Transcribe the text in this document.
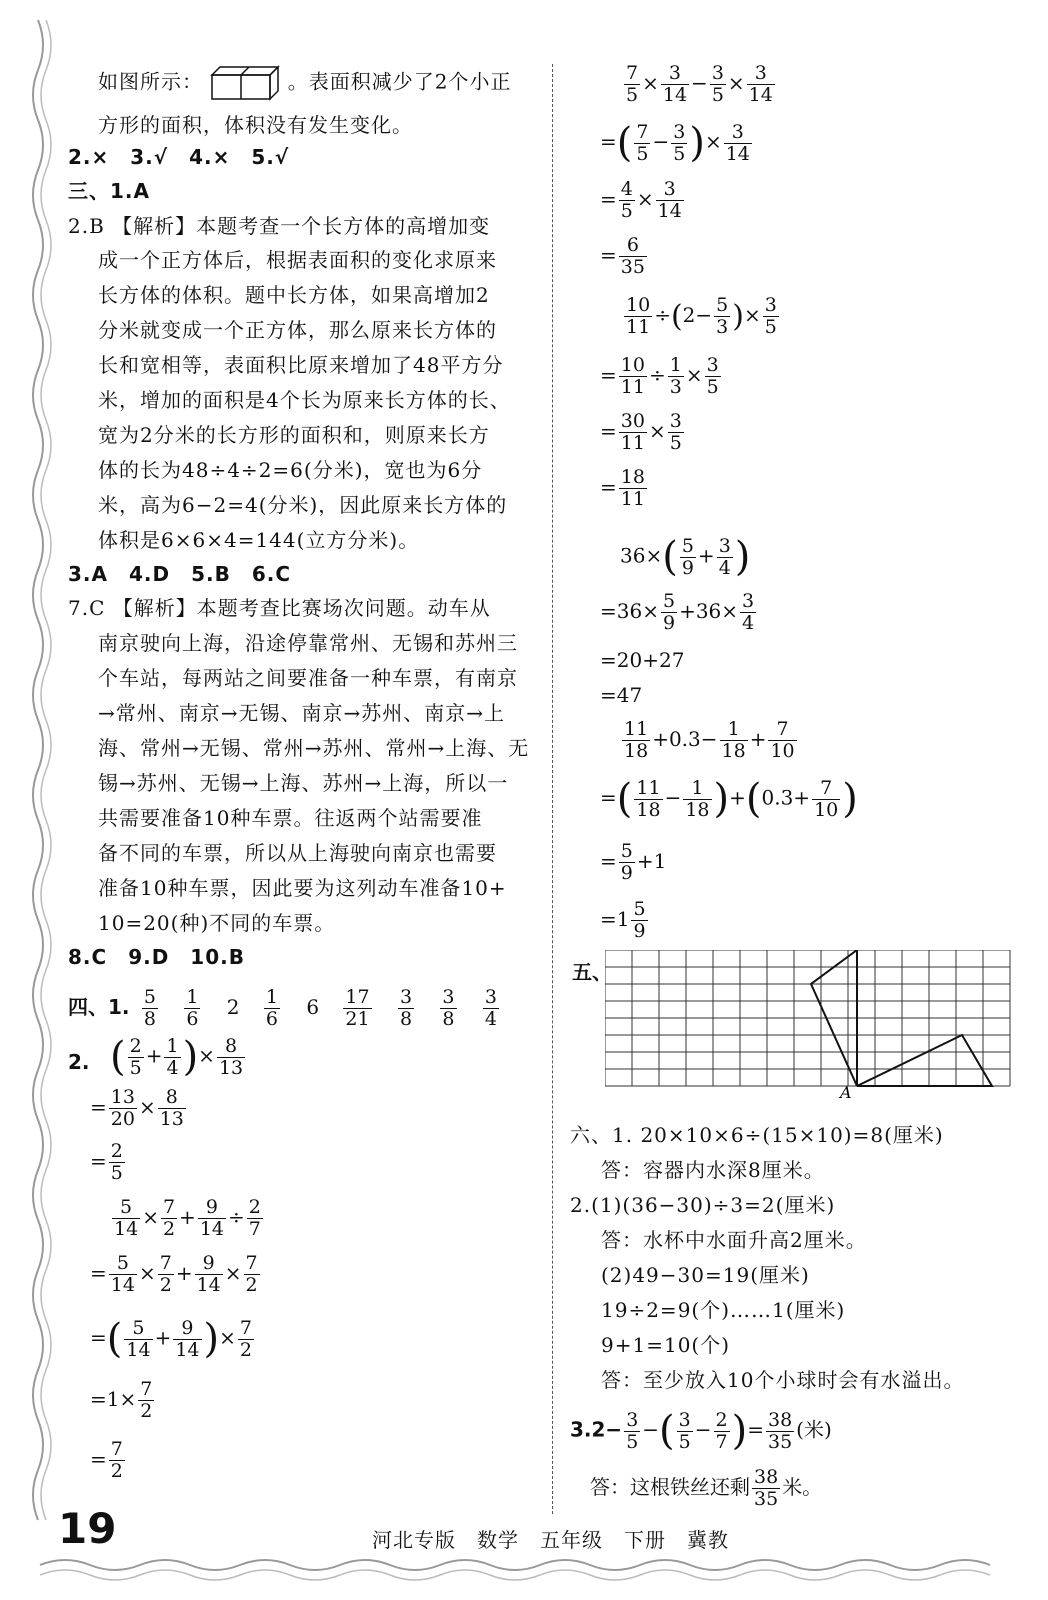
如图所示：	。表面积减少了2个小正
方形的面积，体积没有发生变化。
2.×　3.√　4.×　5.√
三、1.A
2.B 【解析】本题考查一个长方体的高增加变
成一个正方体后，根据表面积的变化求原来
长方体的体积。题中长方体，如果高增加2
分米就变成一个正方体，那么原来长方体的
长和宽相等，表面积比原来增加了48平方分
米，增加的面积是4个长为原来长方体的长、
宽为2分米的长方形的面积和，则原来长方
体的长为48÷4÷2=6(分米)，宽也为6分
米，高为6−2=4(分米)，因此原来长方体的
体积是6×6×4=144(立方分米)。
3.A　4.D　5.B　6.C
7.C 【解析】本题考查比赛场次问题。动车从
南京驶向上海，沿途停靠常州、无锡和苏州三
个车站，每两站之间要准备一种车票，有南京
→常州、南京→无锡、南京→苏州、南京→上
海、常州→无锡、常州→苏州、常州→上海、无
锡→苏州、无锡→上海、苏州→上海，所以一
共需要准备10种车票。往返两个站需要准
备不同的车票，所以从上海驶向南京也需要
准备10种车票，因此要为这列动车准备10+
10=20(种)不同的车票。
8.C　9.D　10.B
四、1. $\frac{5}{8}$
$\frac{1}{6} 2 \frac{1}{6} 6 \frac{17}{21}$
$\frac{3}{8}$
$\frac{3}{8}$
$\frac{3}{4}$
2. ( $\frac{2}{5} + \frac{1}{4}$ )× $\frac{8}{13}$
= $\frac{13}{20} \times \frac{8}{13}$
= $\frac{2}{5}$
$\frac{5}{14} \times \frac{7}{2} + \frac{9}{14} \div \frac{2}{7}$
= $\frac{5}{14} \times \frac{7}{2} + \frac{9}{14} \times \frac{7}{2}$
=( $\frac{5}{14} + \frac{9}{14}$ )× $\frac{7}{2}$
$=1\times \frac{7}{2}$
= $\frac{7}{2}$
$\frac{7}{5} \times \frac{3}{14} - \frac{3}{5} \times \frac{3}{14}$
=( $\frac{7}{5} - \frac{3}{5}$ )× $\frac{3}{14}$
= $\frac{4}{5} \times \frac{3}{14}$
= $\frac{6}{35}$
$\frac{10}{11} \div(2- \frac{5}{3}$ )× $\frac{3}{5}$
= $\frac{10}{11} \div \frac{1}{3} \times \frac{3}{5}$
= $\frac{30}{11} \times \frac{3}{5}$
= $\frac{18}{11}$
$36\times( \frac{5}{9} + \frac{3}{4}$ )
$=36\times \frac{5}{9} +36\times \frac{3}{4}$
=20+27
=47
$\frac{11}{18} +0.3- \frac{1}{18} + \frac{7}{10}$
=( $\frac{11}{18} - \frac{1}{18} )+(0.3+ \frac{7}{10}$ )
= $\frac{5}{9} +1$
$=1 \frac{5}{9}$
五、
A
六、1. 20×10×6÷(15×10)=8(厘米)
　答：容器内水深8厘米。
2.(1)(36−30)÷3=2(厘米)
　答：水杯中水面升高2厘米。
　(2)49−30=19(厘米)
　19÷2=9(个)……1(厘米)
　9+1=10(个)
　答：至少放入10个小球时会有水溢出。
$3.2- \frac{3}{5}$ −( $\frac{3}{5} - \frac{2}{7}$ )= $\frac{38}{35}$ (米)
答：这根铁丝还剩 $\frac{38}{35}$ 米。
19	河北专版　数学　五年级　下册　冀教
